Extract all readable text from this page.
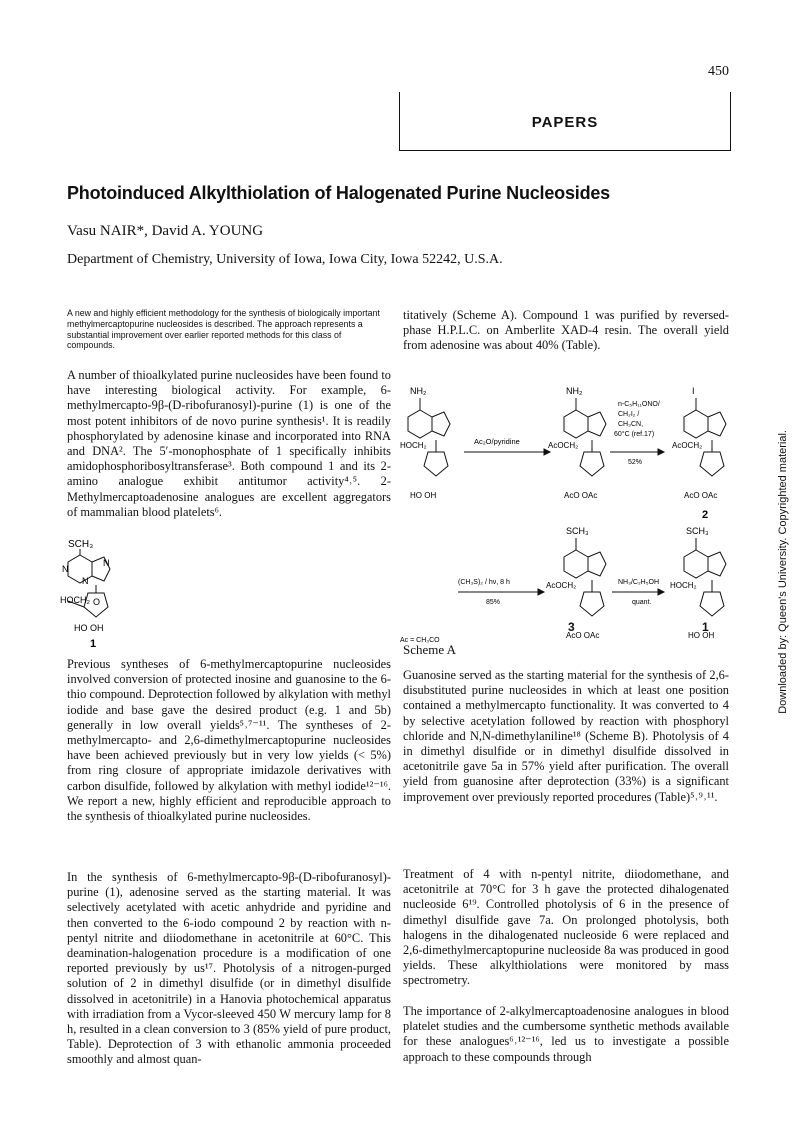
450
PAPERS
Photoinduced Alkylthiolation of Halogenated Purine Nucleosides
Vasu NAIR*, David A. YOUNG
Department of Chemistry, University of Iowa, Iowa City, Iowa 52242, U.S.A.
A new and highly efficient methodology for the synthesis of biologically important methylmercaptopurine nucleosides is described. The approach represents a substantial improvement over earlier reported methods for this class of compounds.
A number of thioalkylated purine nucleosides have been found to have interesting biological activity. For example, 6-methylmercapto-9β-(D-ribofuranosyl)-purine (1) is one of the most potent inhibitors of de novo purine synthesis¹. It is readily phosphorylated by adenosine kinase and incorporated into RNA and DNA². The 5′-monophosphate of 1 specifically inhibits amidophosphoribosyltransferase³. Both compound 1 and its 2-amino analogue exhibit antitumor activity⁴˒⁵. 2-Methylmercaptoadenosine analogues are excellent aggregators of mammalian blood platelets⁶.
SCH₃
N
N
N
HOCH₂ O
HO OH
1
Previous syntheses of 6-methylmercaptopurine nucleosides involved conversion of protected inosine and guanosine to the 6-thio compound. Deprotection followed by alkylation with methyl iodide and base gave the desired product (e.g. 1 and 5b) generally in low overall yields⁵˒⁷⁻¹¹. The syntheses of 2-methylmercapto- and 2,6-dimethylmercaptopurine nucleosides have been achieved previously but in very low yields (< 5%) from ring closure of appropriate imidazole derivatives with carbon disulfide, followed by alkylation with methyl iodide¹²⁻¹⁶. We report a new, highly efficient and reproducible approach to the synthesis of thioalkylated purine nucleosides.
In the synthesis of 6-methylmercapto-9β-(D-ribofuranosyl)-purine (1), adenosine served as the starting material. It was selectively acetylated with acetic anhydride and pyridine and then converted to the 6-iodo compound 2 by reaction with n-pentyl nitrite and diiodomethane in acetonitrile at 60°C. This deamination-halogenation procedure is a modification of one reported previously by us¹⁷. Photolysis of a nitrogen-purged solution of 2 in dimethyl disulfide (or in dimethyl disulfide dissolved in acetonitrile) in a Hanovia photochemical apparatus with irradiation from a Vycor-sleeved 450 W mercury lamp for 8 h, resulted in a clean conversion to 3 (85% yield of pure product, Table). Deprotection of 3 with ethanolic ammonia proceeded smoothly and almost quan-
titatively (Scheme A). Compound 1 was purified by reversed-phase H.P.L.C. on Amberlite XAD-4 resin. The overall yield from adenosine was about 40% (Table).
NH₂
HOCH₂
HO OH
Ac₂O/pyridine
NH₂
AcOCH₂
AcO OAc
n-C₅H₁₁ONO/
CH₂I₂ /
CH₃CN,
60°C (ref.17)
52%
I
AcOCH₂
AcO OAc
2
(CH₃S)₂ / hν, 8 h
85%
SCH₃
AcOCH₂
AcO OAc
NH₃/C₂H₅OH
quant.
SCH₃
HOCH₂
HO OH
Ac = CH₃CO
3	1
Scheme A
Guanosine served as the starting material for the synthesis of 2,6-disubstituted purine nucleosides in which at least one position contained a methylmercapto functionality. It was converted to 4 by selective acetylation followed by reaction with phosphoryl chloride and N,N-dimethylaniline¹⁸ (Scheme B). Photolysis of 4 in dimethyl disulfide or in dimethyl disulfide dissolved in acetonitrile gave 5a in 57% yield after purification. The overall yield from guanosine after deprotection (33%) is a significant improvement over previously reported procedures (Table)⁵˒⁹˒¹¹.
Treatment of 4 with n-pentyl nitrite, diiodomethane, and acetonitrile at 70°C for 3 h gave the protected dihalogenated nucleoside 6¹⁹. Controlled photolysis of 6 in the presence of dimethyl disulfide gave 7a. On prolonged photolysis, both halogens in the dihalogenated nucleoside 6 were replaced and 2,6-dimethylmercaptopurine nucleoside 8a was produced in good yields. These alkylthiolations were monitored by mass spectrometry.
The importance of 2-alkylmercaptoadenosine analogues in blood platelet studies and the cumbersome synthetic methods available for these analogues⁶˒¹²⁻¹⁶, led us to investigate a possible approach to these compounds through
Downloaded by: Queen's University. Copyrighted material.
